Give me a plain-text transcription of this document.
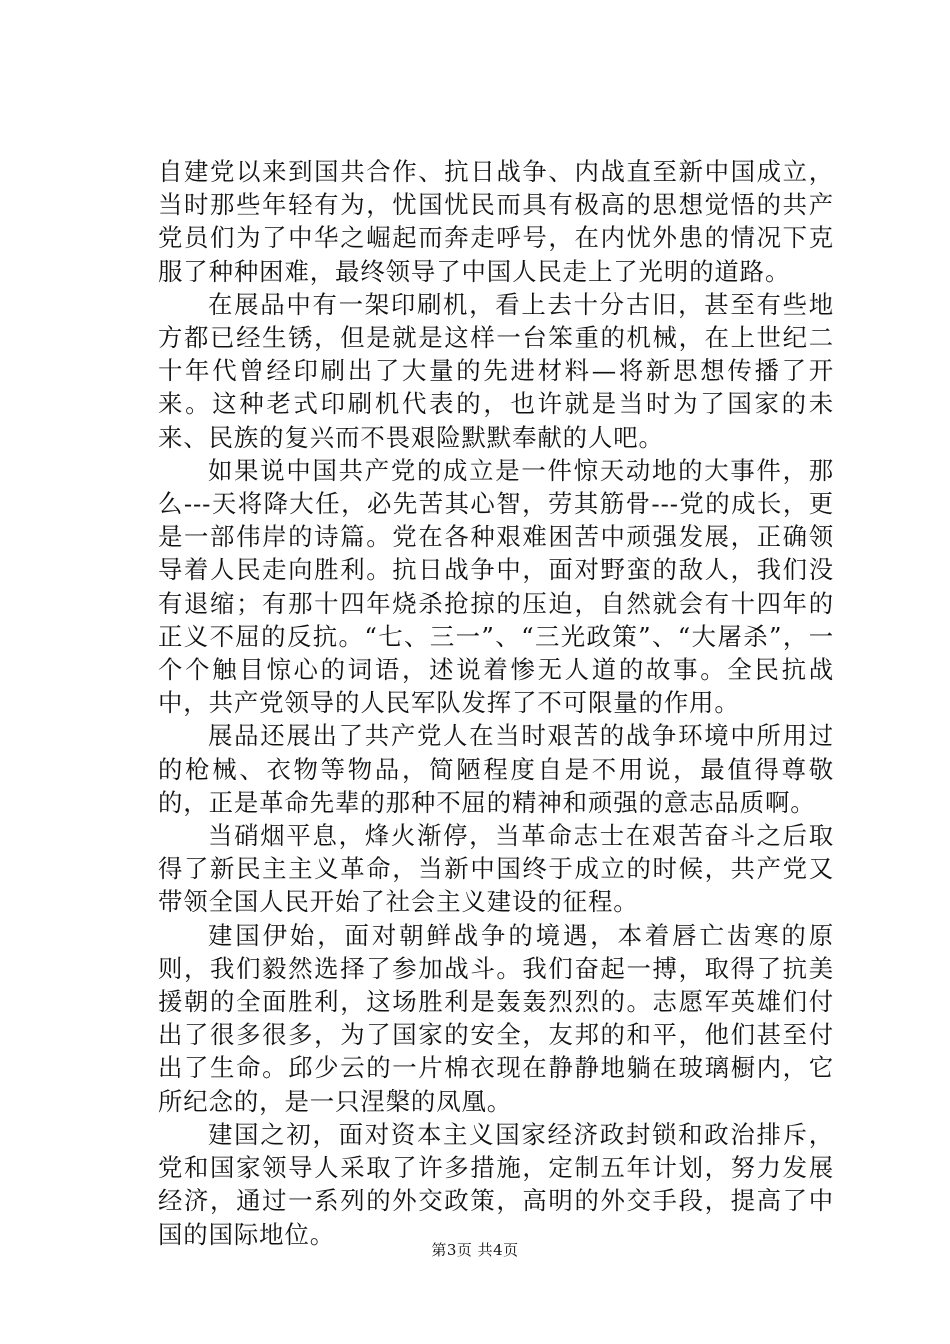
自建党以来到国共合作、抗日战争、内战直至新中国成立，当时那些年轻有为，忧国忧民而具有极高的思想觉悟的共产党员们为了中华之崛起而奔走呼号，在内忧外患的情况下克服了种种困难，最终领导了中国人民走上了光明的道路。

在展品中有一架印刷机，看上去十分古旧，甚至有些地方都已经生锈，但是就是这样一台笨重的机械，在上世纪二十年代曾经印刷出了大量的先进材料—将新思想传播了开来。这种老式印刷机代表的，也许就是当时为了国家的未来、民族的复兴而不畏艰险默默奉献的人吧。

如果说中国共产党的成立是一件惊天动地的大事件，那么---天将降大任，必先苦其心智，劳其筋骨---党的成长，更是一部伟岸的诗篇。党在各种艰难困苦中顽强发展，正确领导着人民走向胜利。抗日战争中，面对野蛮的敌人，我们没有退缩；有那十四年烧杀抢掠的压迫，自然就会有十四年的正义不屈的反抗。“七、三一”、“三光政策”、“大屠杀”，一个个触目惊心的词语，述说着惨无人道的故事。全民抗战中，共产党领导的人民军队发挥了不可限量的作用。

展品还展出了共产党人在当时艰苦的战争环境中所用过的枪械、衣物等物品，简陋程度自是不用说，最值得尊敬的，正是革命先辈的那种不屈的精神和顽强的意志品质啊。

当硝烟平息，烽火渐停，当革命志士在艰苦奋斗之后取得了新民主主义革命，当新中国终于成立的时候，共产党又带领全国人民开始了社会主义建设的征程。

建国伊始，面对朝鲜战争的境遇，本着唇亡齿寒的原则，我们毅然选择了参加战斗。我们奋起一搏，取得了抗美援朝的全面胜利，这场胜利是轰轰烈烈的。志愿军英雄们付出了很多很多，为了国家的安全，友邦的和平，他们甚至付出了生命。邱少云的一片棉衣现在静静地躺在玻璃橱内，它所纪念的，是一只涅槃的凤凰。

建国之初，面对资本主义国家经济政封锁和政治排斥，党和国家领导人采取了许多措施，定制五年计划，努力发展经济，通过一系列的外交政策，高明的外交手段，提高了中国的国际地位。

第3页 共4页
